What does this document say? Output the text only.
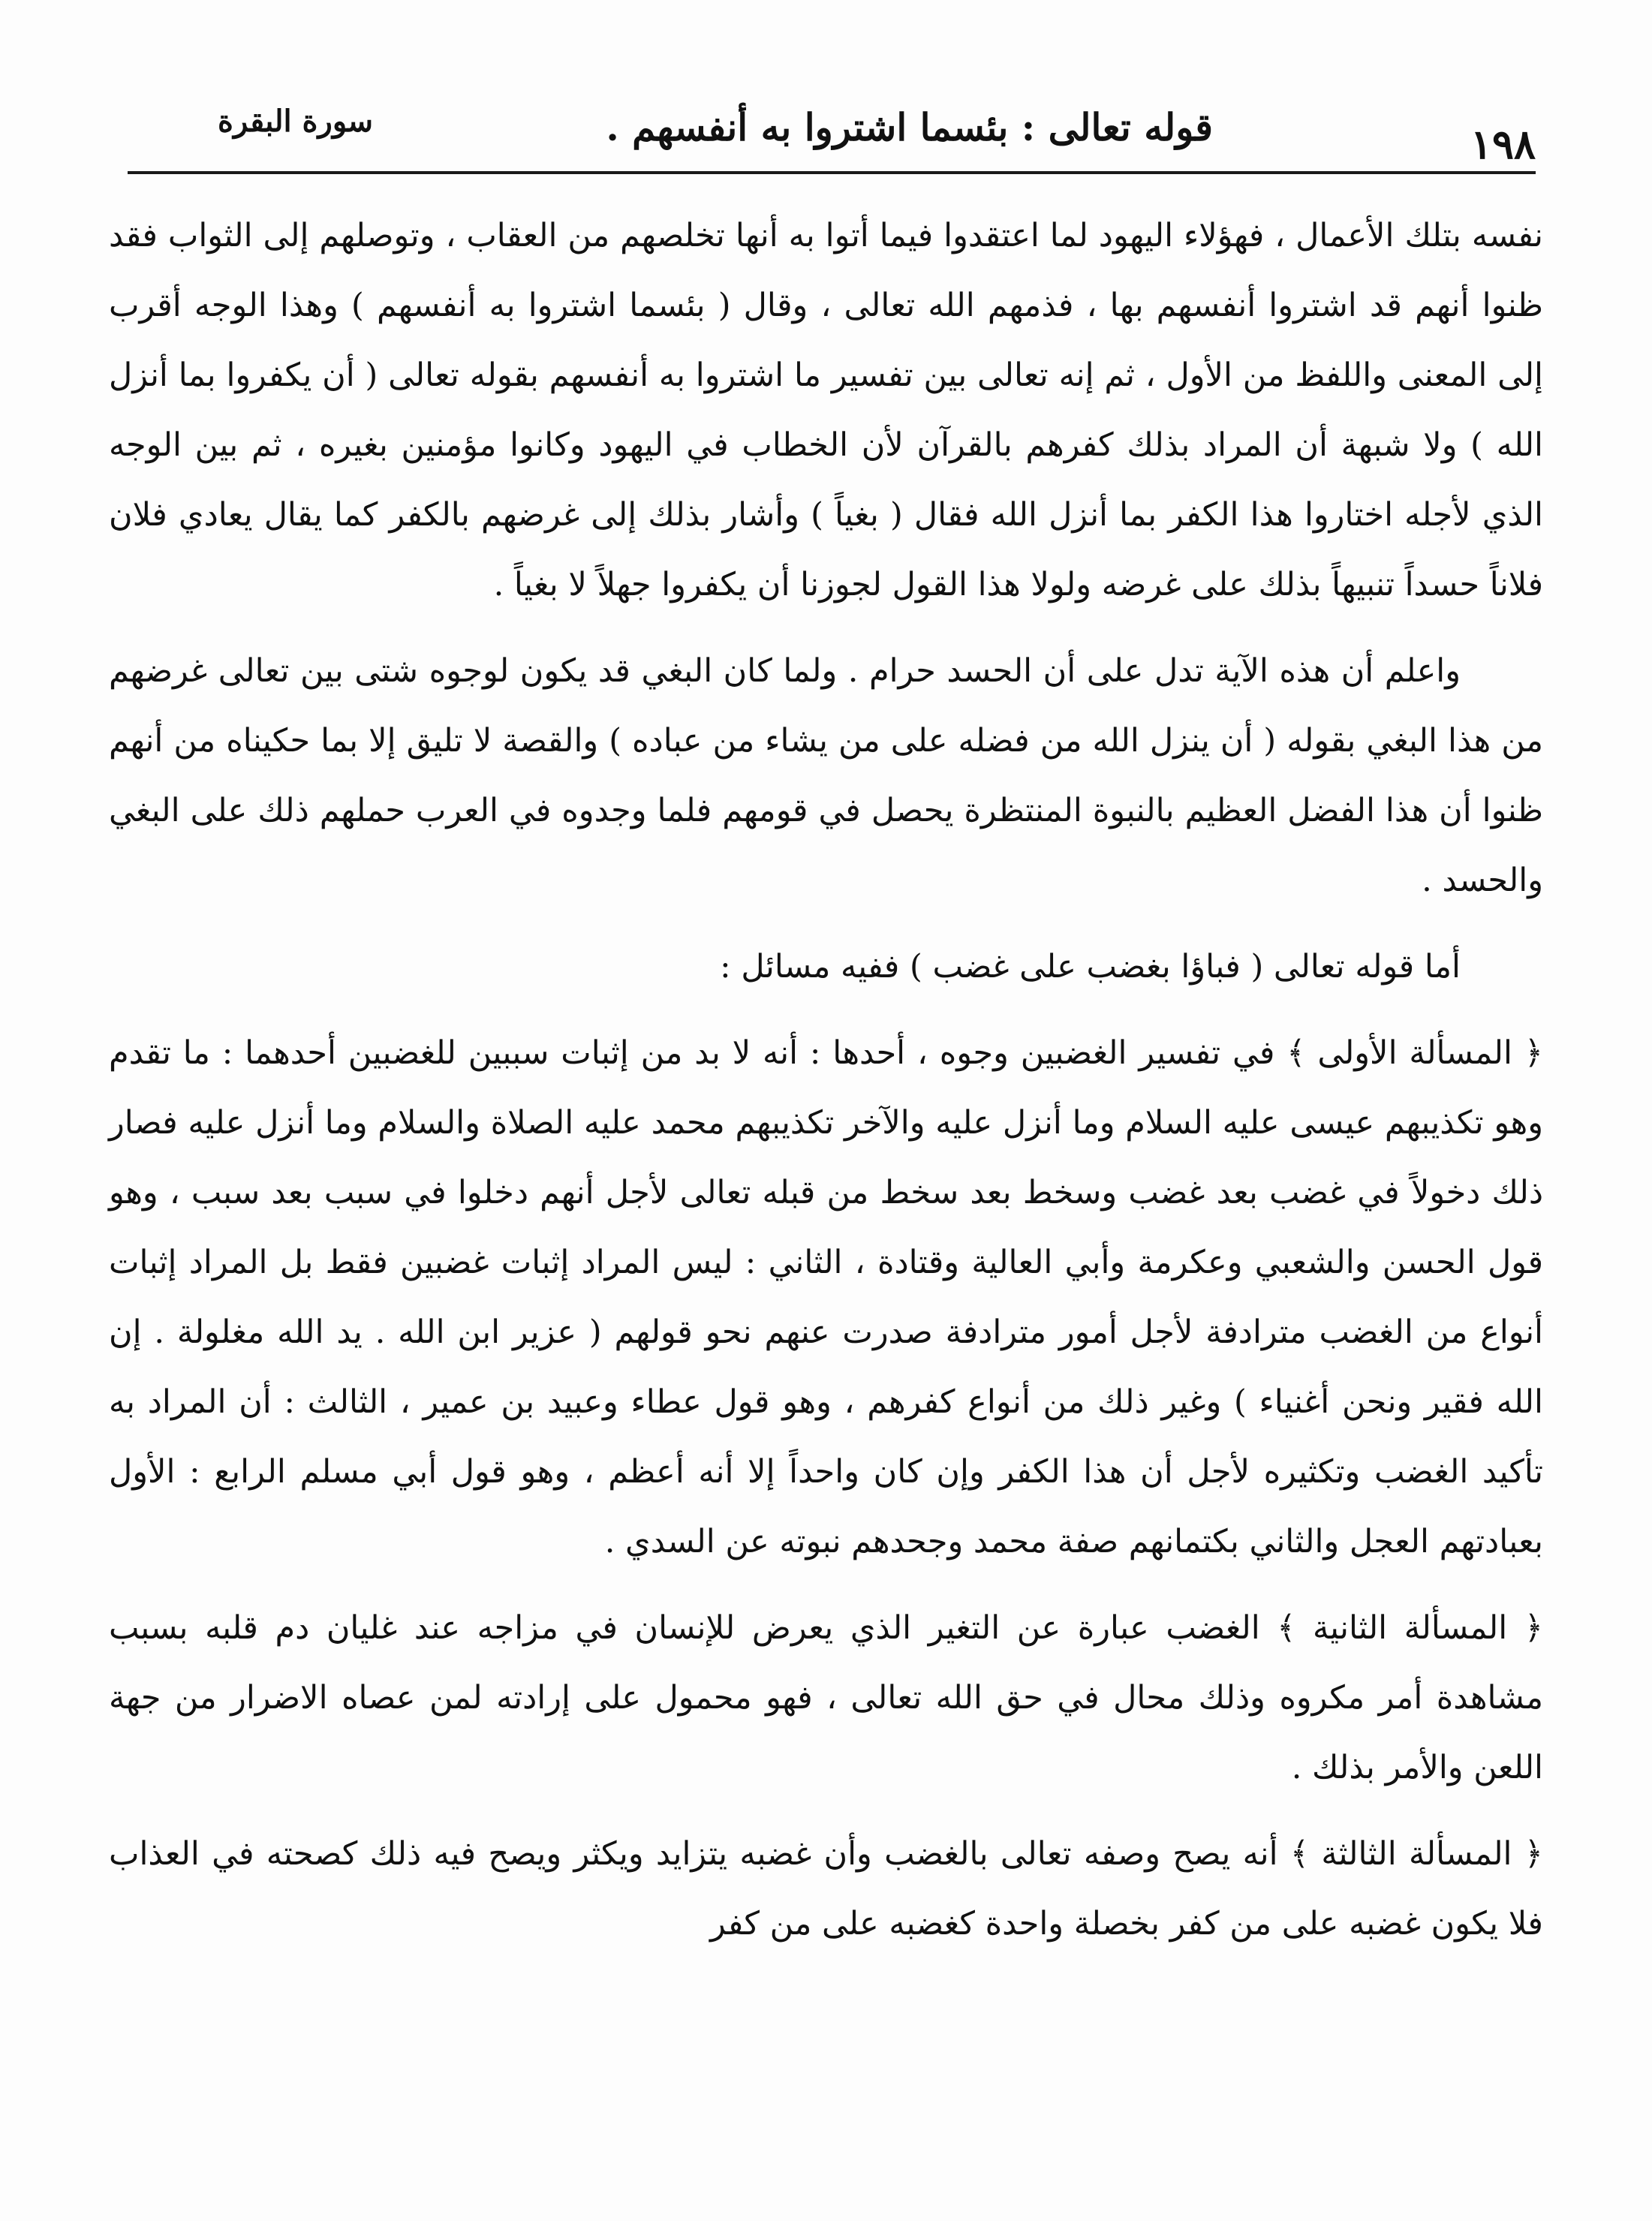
١٩٨
قوله تعالى : بئسما اشتروا به أنفسهم .
سورة البقرة

نفسه بتلك الأعمال ، فهؤلاء اليهود لما اعتقدوا فيما أتوا به أنها تخلصهم من العقاب ، وتوصلهم إلى الثواب فقد ظنوا أنهم قد اشتروا أنفسهم بها ، فذمهم الله تعالى ، وقال ( بئسما اشتروا به أنفسهم ) وهذا الوجه أقرب إلى المعنى واللفظ من الأول ، ثم إنه تعالى بين تفسير ما اشتروا به أنفسهم بقوله تعالى ( أن يكفروا بما أنزل الله ) ولا شبهة أن المراد بذلك كفرهم بالقرآن لأن الخطاب في اليهود وكانوا مؤمنين بغيره ، ثم بين الوجه الذي لأجله اختاروا هذا الكفر بما أنزل الله فقال ( بغياً ) وأشار بذلك إلى غرضهم بالكفر كما يقال يعادي فلان فلاناً حسداً تنبيهاً بذلك على غرضه ولولا هذا القول لجوزنا أن يكفروا جهلاً لا بغياً .

واعلم أن هذه الآية تدل على أن الحسد حرام . ولما كان البغي قد يكون لوجوه شتى بين تعالى غرضهم من هذا البغي بقوله ( أن ينزل الله من فضله على من يشاء من عباده ) والقصة لا تليق إلا بما حكيناه من أنهم ظنوا أن هذا الفضل العظيم بالنبوة المنتظرة يحصل في قومهم فلما وجدوه في العرب حملهم ذلك على البغي والحسد .

أما قوله تعالى ( فباؤا بغضب على غضب ) ففيه مسائل :

﴿ المسألة الأولى ﴾ في تفسير الغضبين وجوه ، أحدها : أنه لا بد من إثبات سببين للغضبين أحدهما : ما تقدم وهو تكذيبهم عيسى عليه السلام وما أنزل عليه والآخر تكذيبهم محمد عليه الصلاة والسلام وما أنزل عليه فصار ذلك دخولاً في غضب بعد غضب وسخط بعد سخط من قبله تعالى لأجل أنهم دخلوا في سبب بعد سبب ، وهو قول الحسن والشعبي وعكرمة وأبي العالية وقتادة ، الثاني : ليس المراد إثبات غضبين فقط بل المراد إثبات أنواع من الغضب مترادفة لأجل أمور مترادفة صدرت عنهم نحو قولهم ( عزير ابن الله . يد الله مغلولة . إن الله فقير ونحن أغنياء ) وغير ذلك من أنواع كفرهم ، وهو قول عطاء وعبيد بن عمير ، الثالث : أن المراد به تأكيد الغضب وتكثيره لأجل أن هذا الكفر وإن كان واحداً إلا أنه أعظم ، وهو قول أبي مسلم الرابع : الأول بعبادتهم العجل والثاني بكتمانهم صفة محمد وجحدهم نبوته عن السدي .

﴿ المسألة الثانية ﴾ الغضب عبارة عن التغير الذي يعرض للإنسان في مزاجه عند غليان دم قلبه بسبب مشاهدة أمر مكروه وذلك محال في حق الله تعالى ، فهو محمول على إرادته لمن عصاه الاضرار من جهة اللعن والأمر بذلك .

﴿ المسألة الثالثة ﴾ أنه يصح وصفه تعالى بالغضب وأن غضبه يتزايد ويكثر ويصح فيه ذلك كصحته في العذاب فلا يكون غضبه على من كفر بخصلة واحدة كغضبه على من كفر
